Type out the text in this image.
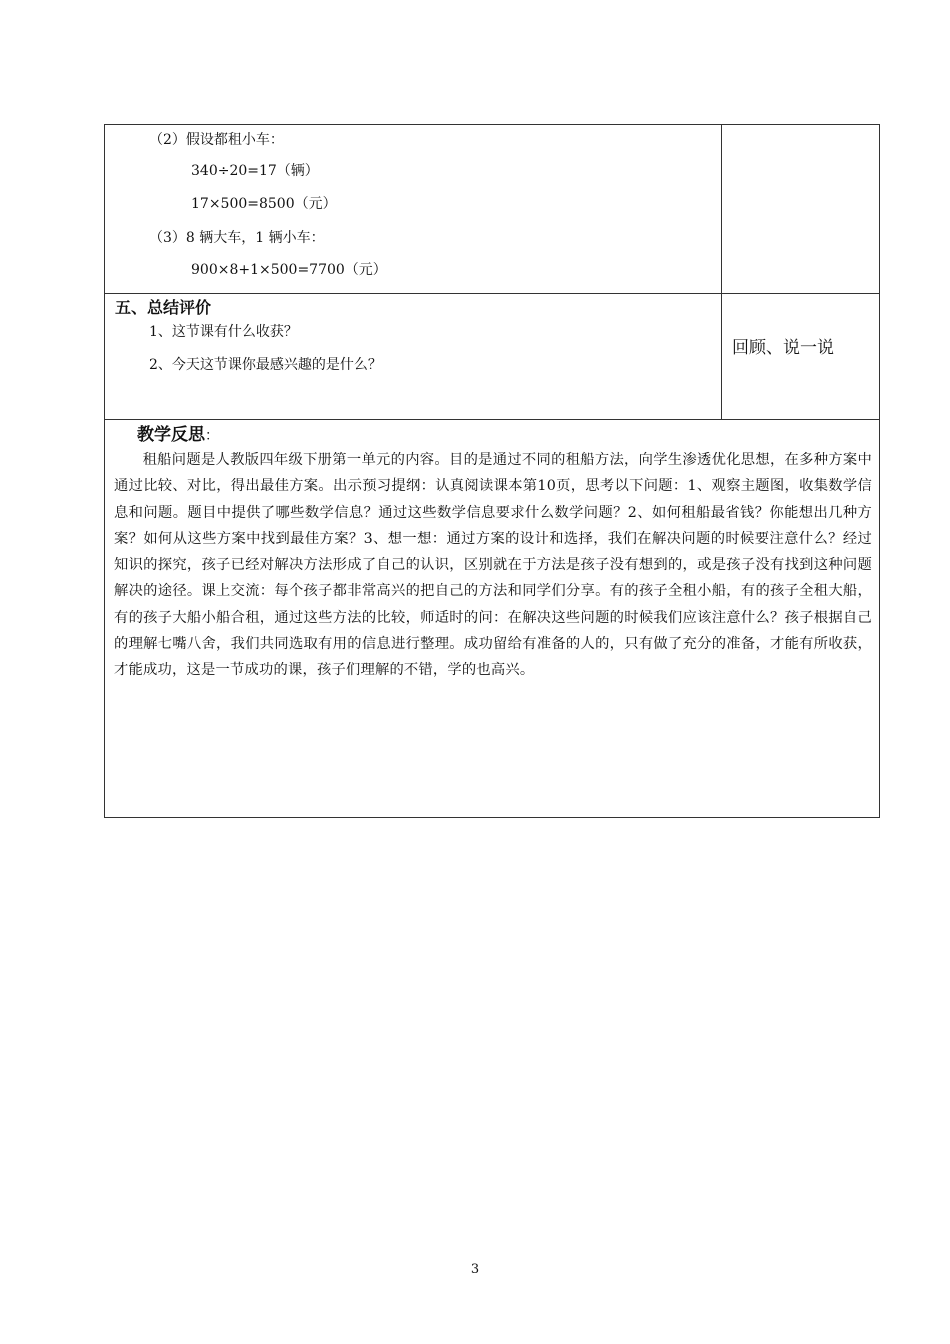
（2）假设都租小车：
340÷20=17（辆）
17×500=8500（元）
（3）8 辆大车，1 辆小车：
900×8+1×500=7700（元）
五、总结评价
1、这节课有什么收获？
2、今天这节课你最感兴趣的是什么？
回顾、说一说
教学反思：
租船问题是人教版四年级下册第一单元的内容。目的是通过不同的租船方法，向学生渗透优化思想，在多种方案中通过比较、对比，得出最佳方案。出示预习提纲：认真阅读课本第10页，思考以下问题：1、观察主题图，收集数学信息和问题。题目中提供了哪些数学信息？通过这些数学信息要求什么数学问题？2、如何租船最省钱？你能想出几种方案？如何从这些方案中找到最佳方案？3、想一想：通过方案的设计和选择，我们在解决问题的时候要注意什么？经过知识的探究，孩子已经对解决方法形成了自己的认识，区别就在于方法是孩子没有想到的，或是孩子没有找到这种问题解决的途径。课上交流：每个孩子都非常高兴的把自己的方法和同学们分享。有的孩子全租小船，有的孩子全租大船，有的孩子大船小船合租，通过这些方法的比较，师适时的问：在解决这些问题的时候我们应该注意什么？孩子根据自己的理解七嘴八舍，我们共同选取有用的信息进行整理。成功留给有准备的人的，只有做了充分的准备，才能有所收获，才能成功，这是一节成功的课，孩子们理解的不错，学的也高兴。
3
